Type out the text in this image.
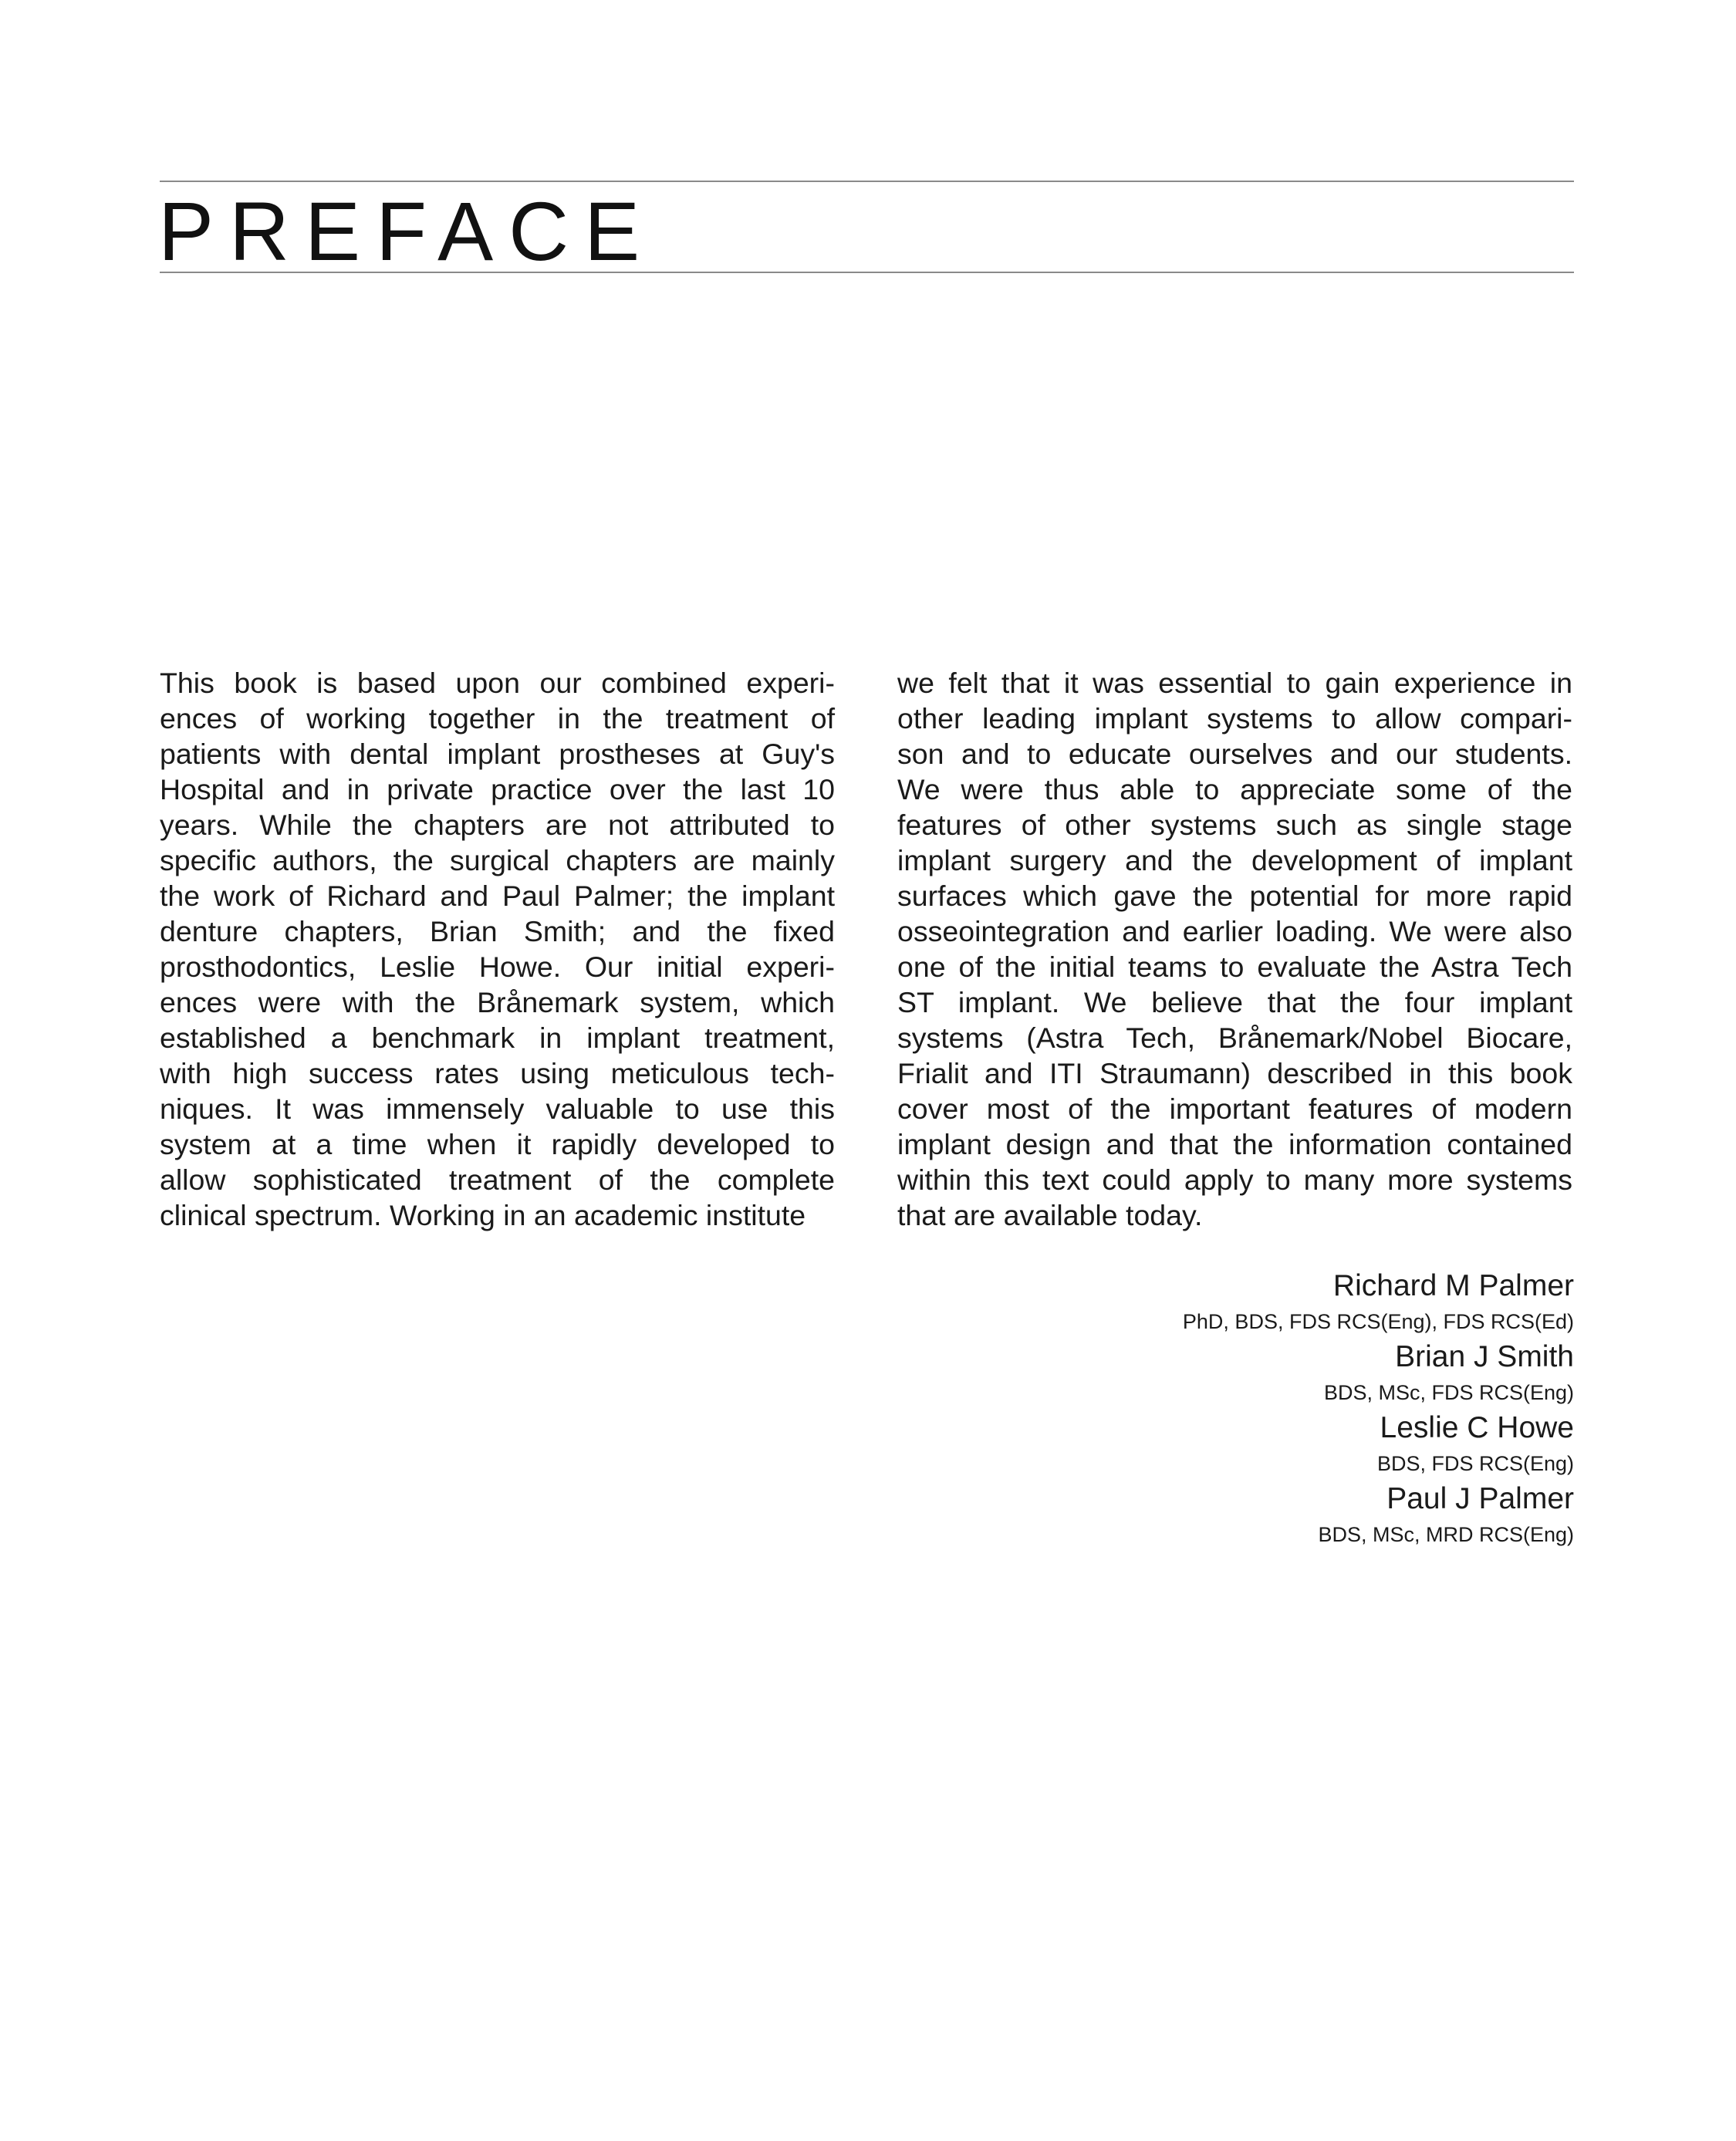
PREFACE
This book is based upon our combined experi-
ences of working together in the treatment of
patients with dental implant prostheses at Guy's
Hospital and in private practice over the last 10
years. While the chapters are not attributed to
specific authors, the surgical chapters are mainly
the work of Richard and Paul Palmer; the implant
denture chapters, Brian Smith; and the fixed
prosthodontics, Leslie Howe. Our initial experi-
ences were with the Brånemark system, which
established a benchmark in implant treatment,
with high success rates using meticulous tech-
niques. It was immensely valuable to use this
system at a time when it rapidly developed to
allow sophisticated treatment of the complete
clinical spectrum. Working in an academic institute
we felt that it was essential to gain experience in
other leading implant systems to allow compari-
son and to educate ourselves and our students.
We were thus able to appreciate some of the
features of other systems such as single stage
implant surgery and the development of implant
surfaces which gave the potential for more rapid
osseointegration and earlier loading. We were also
one of the initial teams to evaluate the Astra Tech
ST implant. We believe that the four implant
systems (Astra Tech, Brånemark/Nobel Biocare,
Frialit and ITI Straumann) described in this book
cover most of the important features of modern
implant design and that the information contained
within this text could apply to many more systems
that are available today.
Richard M Palmer
PhD, BDS, FDS RCS(Eng), FDS RCS(Ed)
Brian J Smith
BDS, MSc, FDS RCS(Eng)
Leslie C Howe
BDS, FDS RCS(Eng)
Paul J Palmer
BDS, MSc, MRD RCS(Eng)
